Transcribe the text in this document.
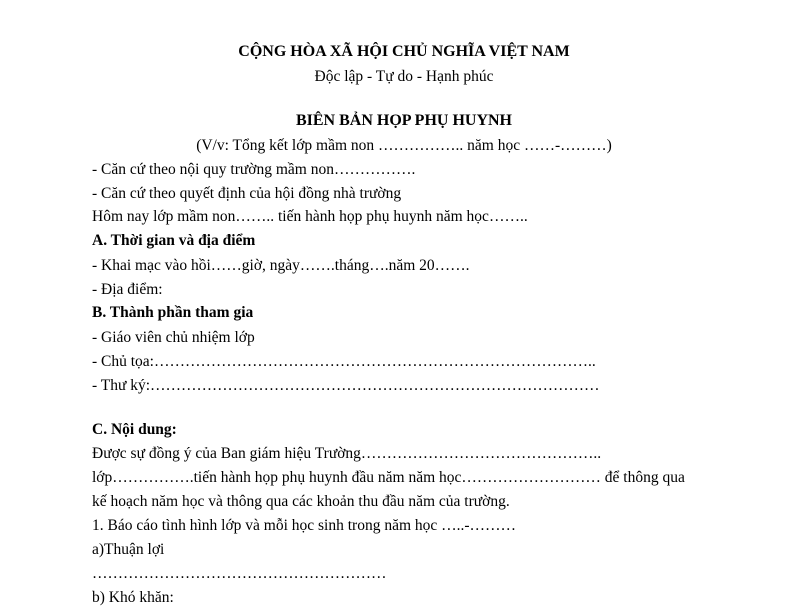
CỘNG HÒA XÃ HỘI CHỦ NGHĨA VIỆT NAM
Độc lập - Tự do - Hạnh phúc
BIÊN BẢN HỌP PHỤ HUYNH
(V/v: Tổng kết lớp mầm non …………….. năm học ……-………)
- Căn cứ theo nội quy trường mầm non…………….
- Căn cứ theo quyết định của hội đồng nhà trường
Hôm nay lớp mầm non…….. tiến hành họp phụ huynh năm học……..
A. Thời gian và địa điểm
- Khai mạc vào hồi……giờ, ngày…….tháng….năm 20…….
- Địa điểm:
B. Thành phần tham gia
- Giáo viên chủ nhiệm lớp
- Chủ tọa:…………………………………………………………………………..
- Thư ký:……………………………………………………………………………
C. Nội dung:
Được sự đồng ý của Ban giám hiệu Trường………………………………………..
lớp…………….tiến hành họp phụ huynh đầu năm năm học……………………… để thông qua
kế hoạch năm học và thông qua các khoản thu đầu năm của trường.
1. Báo cáo tình hình lớp và mỗi học sinh trong năm học …..-………
a)Thuận lợi
…………………………………………………
b) Khó khăn:
